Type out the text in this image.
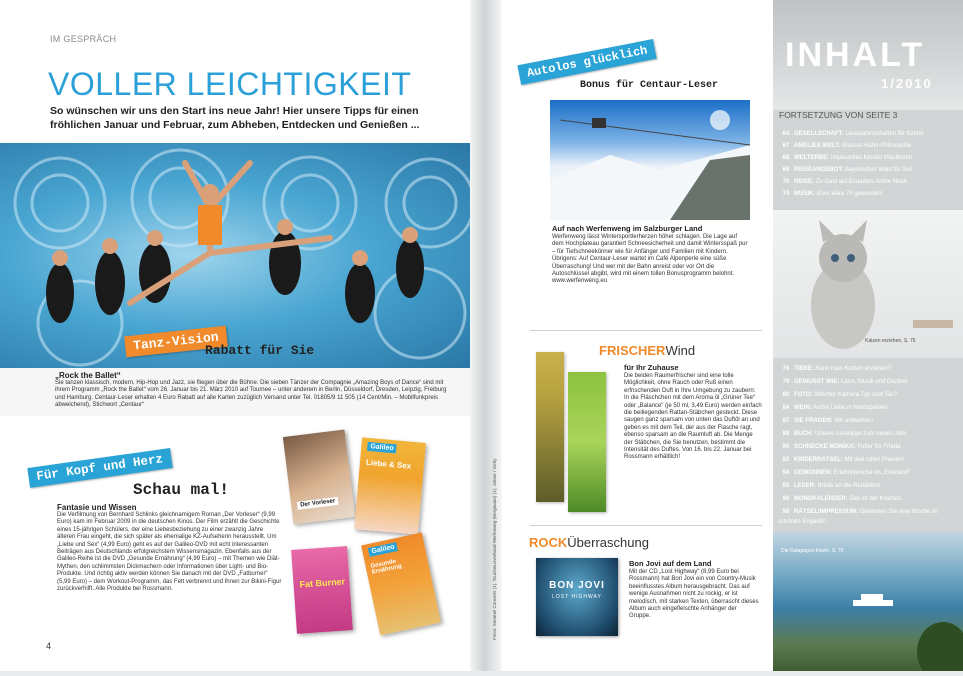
IM GESPRÄCH
VOLLER LEICHTIGKEIT
So wünschen wir uns den Start ins neue Jahr! Hier unsere Tipps für einen fröhlichen Januar und Februar, zum Abheben, Entdecken und Genießen ...
Tanz-Vision
Rabatt für Sie
„Rock the Ballet“
Sie tanzen klassisch, modern, Hip-Hop und Jazz, sie fliegen über die Bühne. Die sieben Tänzer der Compagnie „Amazing Boys of Dance“ sind mit ihrem Programm „Rock the Ballet“ vom 26. Januar bis 21. März 2010 auf Tournee – unter anderem in Berlin, Düsseldorf, Dresden, Leipzig, Freiburg und Hamburg. Centaur-Leser erhalten 4 Euro Rabatt auf alle Karten zuzüglich Versand unter Tel. 01805/9 11 505 (14 Cent/Min. – Mobilfunkpreis abweichend), Stichwort „Centaur“
Für Kopf und Herz
Schau mal!
Fantasie und Wissen
Die Verfilmung von Bernhard Schlinks gleichnamigem Roman „Der Vorleser“ (9,99 Euro) kam im Februar 2009 in die deutschen Kinos. Der Film erzählt die Geschichte eines 15-jährigen Schülers, der eine Liebesbeziehung zu einer zwanzig Jahre älteren Frau eingeht, die sich später als ehemalige KZ-Aufseherin herausstellt. Um „Liebe und Sex“ (4,99 Euro) geht es auf der Galileo-DVD mit echt interessanten Beiträgen aus Deutschlands erfolgreichstem Wissensmagazin. Ebenfalls aus der Galileo-Reihe ist die DVD „Gesunde Ernährung“ (4,99 Euro) – mit Themen wie Diät-Mythen, den schlimmsten Dickmachern oder Informationen über Light- und Bio-Produkte. Und richtig aktiv werden können Sie danach mit der DVD „Fatburner“ (5,99 Euro) – dem Workout-Programm, das Fett verbrennt und Ihnen zur Bikini-Figur zurückverhilft. Alle Produkte bei Rossmann.
4
Der Vorleser
Galileo
Liebe & Sex
Fat Burner
Galileo
Gesunde Ernährung	Fotos: Semmel Concerts (1), Tourismusverband Werfenweg (Bergmann) (1), Jokser / Getty
Autolos glücklich
Bonus für Centaur-Leser
Auf nach Werfenweng im Salzburger Land
Werfenweng lässt Wintersportlerherzen höher schlagen. Die Lage auf dem Hochplateau garantiert Schneesicherheit und damit Wintersspaß pur – für Tiefschneekönner wie für Anfänger und Familien mit Kindern. Übrigens: Auf Centaur-Leser wartet im Café Alpenperle eine süße Überraschung! Und wer mit der Bahn anreist oder vor Ort die Autoschlüssel abgibt, wird mit einem tollen Bonusprogramm belohnt. www.werfenweng.eu
FRISCHERWind
für Ihr Zuhause
Die beiden Raumerfrischer sind eine tolle Möglichkeit, ohne Rauch oder Ruß einen erfrischenden Duft in Ihre Umgebung zu zaubern: In die Fläschchen mit dem Aroma öl „Grüner Tee“ oder „Balance“ (je 50 ml, 3,49 Euro) werden einfach die beiliegenden Rattan-Stäbchen gesteckt. Diese saugen ganz sparsam von unten das Duftöl an und geben es mit dem Teil, der aus der Flasche ragt, ebenso sparsam an die Raumluft ab. Die Menge der Stäbchen, die Sie benutzen, bestimmt die Intensität des Duftes. Von 16. bis 22. Januar bei Rossmann erhältlich!
ROCKÜberraschung
BON JOVI
LOST HIGHWAY
Bon Jovi auf dem Land
Mit der CD „Lost Highway“ (8,99 Euro bei Rossmann) hat Bon Jovi ein von Country-Musik beeinflusstes Album herausgebracht. Das auf wenige Ausnahmen nicht zu rockig, er ist melodisch, mit starken Texten, überrascht dieses Album auch eingefleischte Anhänger der Gruppe.
INHALT
1/2010
FORTSETZUNG VON SEITE 3
Katzen erziehen, S. 76
Die Galapagos-Inseln, S. 70
64 GESELLSCHAFT: Lesepatenschaften für Kinder
67 AMELIES WELT: Wasser-Hahn-Philosophie
68 WELTERBE: Imposantes Kloster Maulbronn
69 REISEANGEBOT: Bayerischer Wald für Sie!
70 REISE: Zu Gast auf Ecuadors Arche Noah
74 MUSIK: Elvis wäre 75 geworden!
76 TIERE: Kann man Katzen erziehen?
79 GEWUSST WIE: Lärm, Musik und Dezibel
80 FOTO: Welcher Kamera-Typ sind Sie?
84 WEIN: André Liebe in Nordspanien
87 SIE FRAGEN: Wir antworten!
88 BUCH: Unsere Lesetipps zum neuen Jahr
90 SCHNECKE MONIKA: Futter für Frieda
92 KINDERRÄTSEL: Mit drei tollen Preisen!
94 GEWONNEN: Erlebniswoche im „Everland“
95 LESER: Briefe an die Redaktion
96 MONDKALENDER: Das ist der Kosmos
98 RÄTSEL/IMPRESSUM: Gewinnen Sie eine Woche im schönen Engadin!
